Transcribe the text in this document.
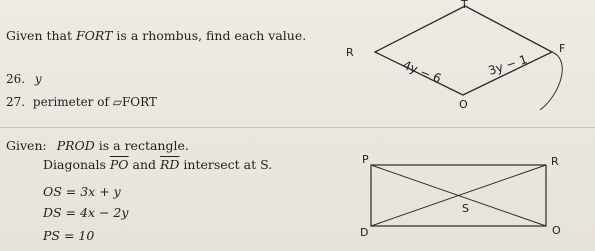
Given that FORT is a rhombus, find each value.
26. y
27. perimeter of ▱FORT
Given: PROD is a rectangle.
Diagonals $\overline{PO}$ and $\overline{RD}$ intersect at S.
OS = 3x + y
DS = 4x − 2y
PS = 10
T
R	F
O
4y − 6	3y − 1
P	R
D	O
S
